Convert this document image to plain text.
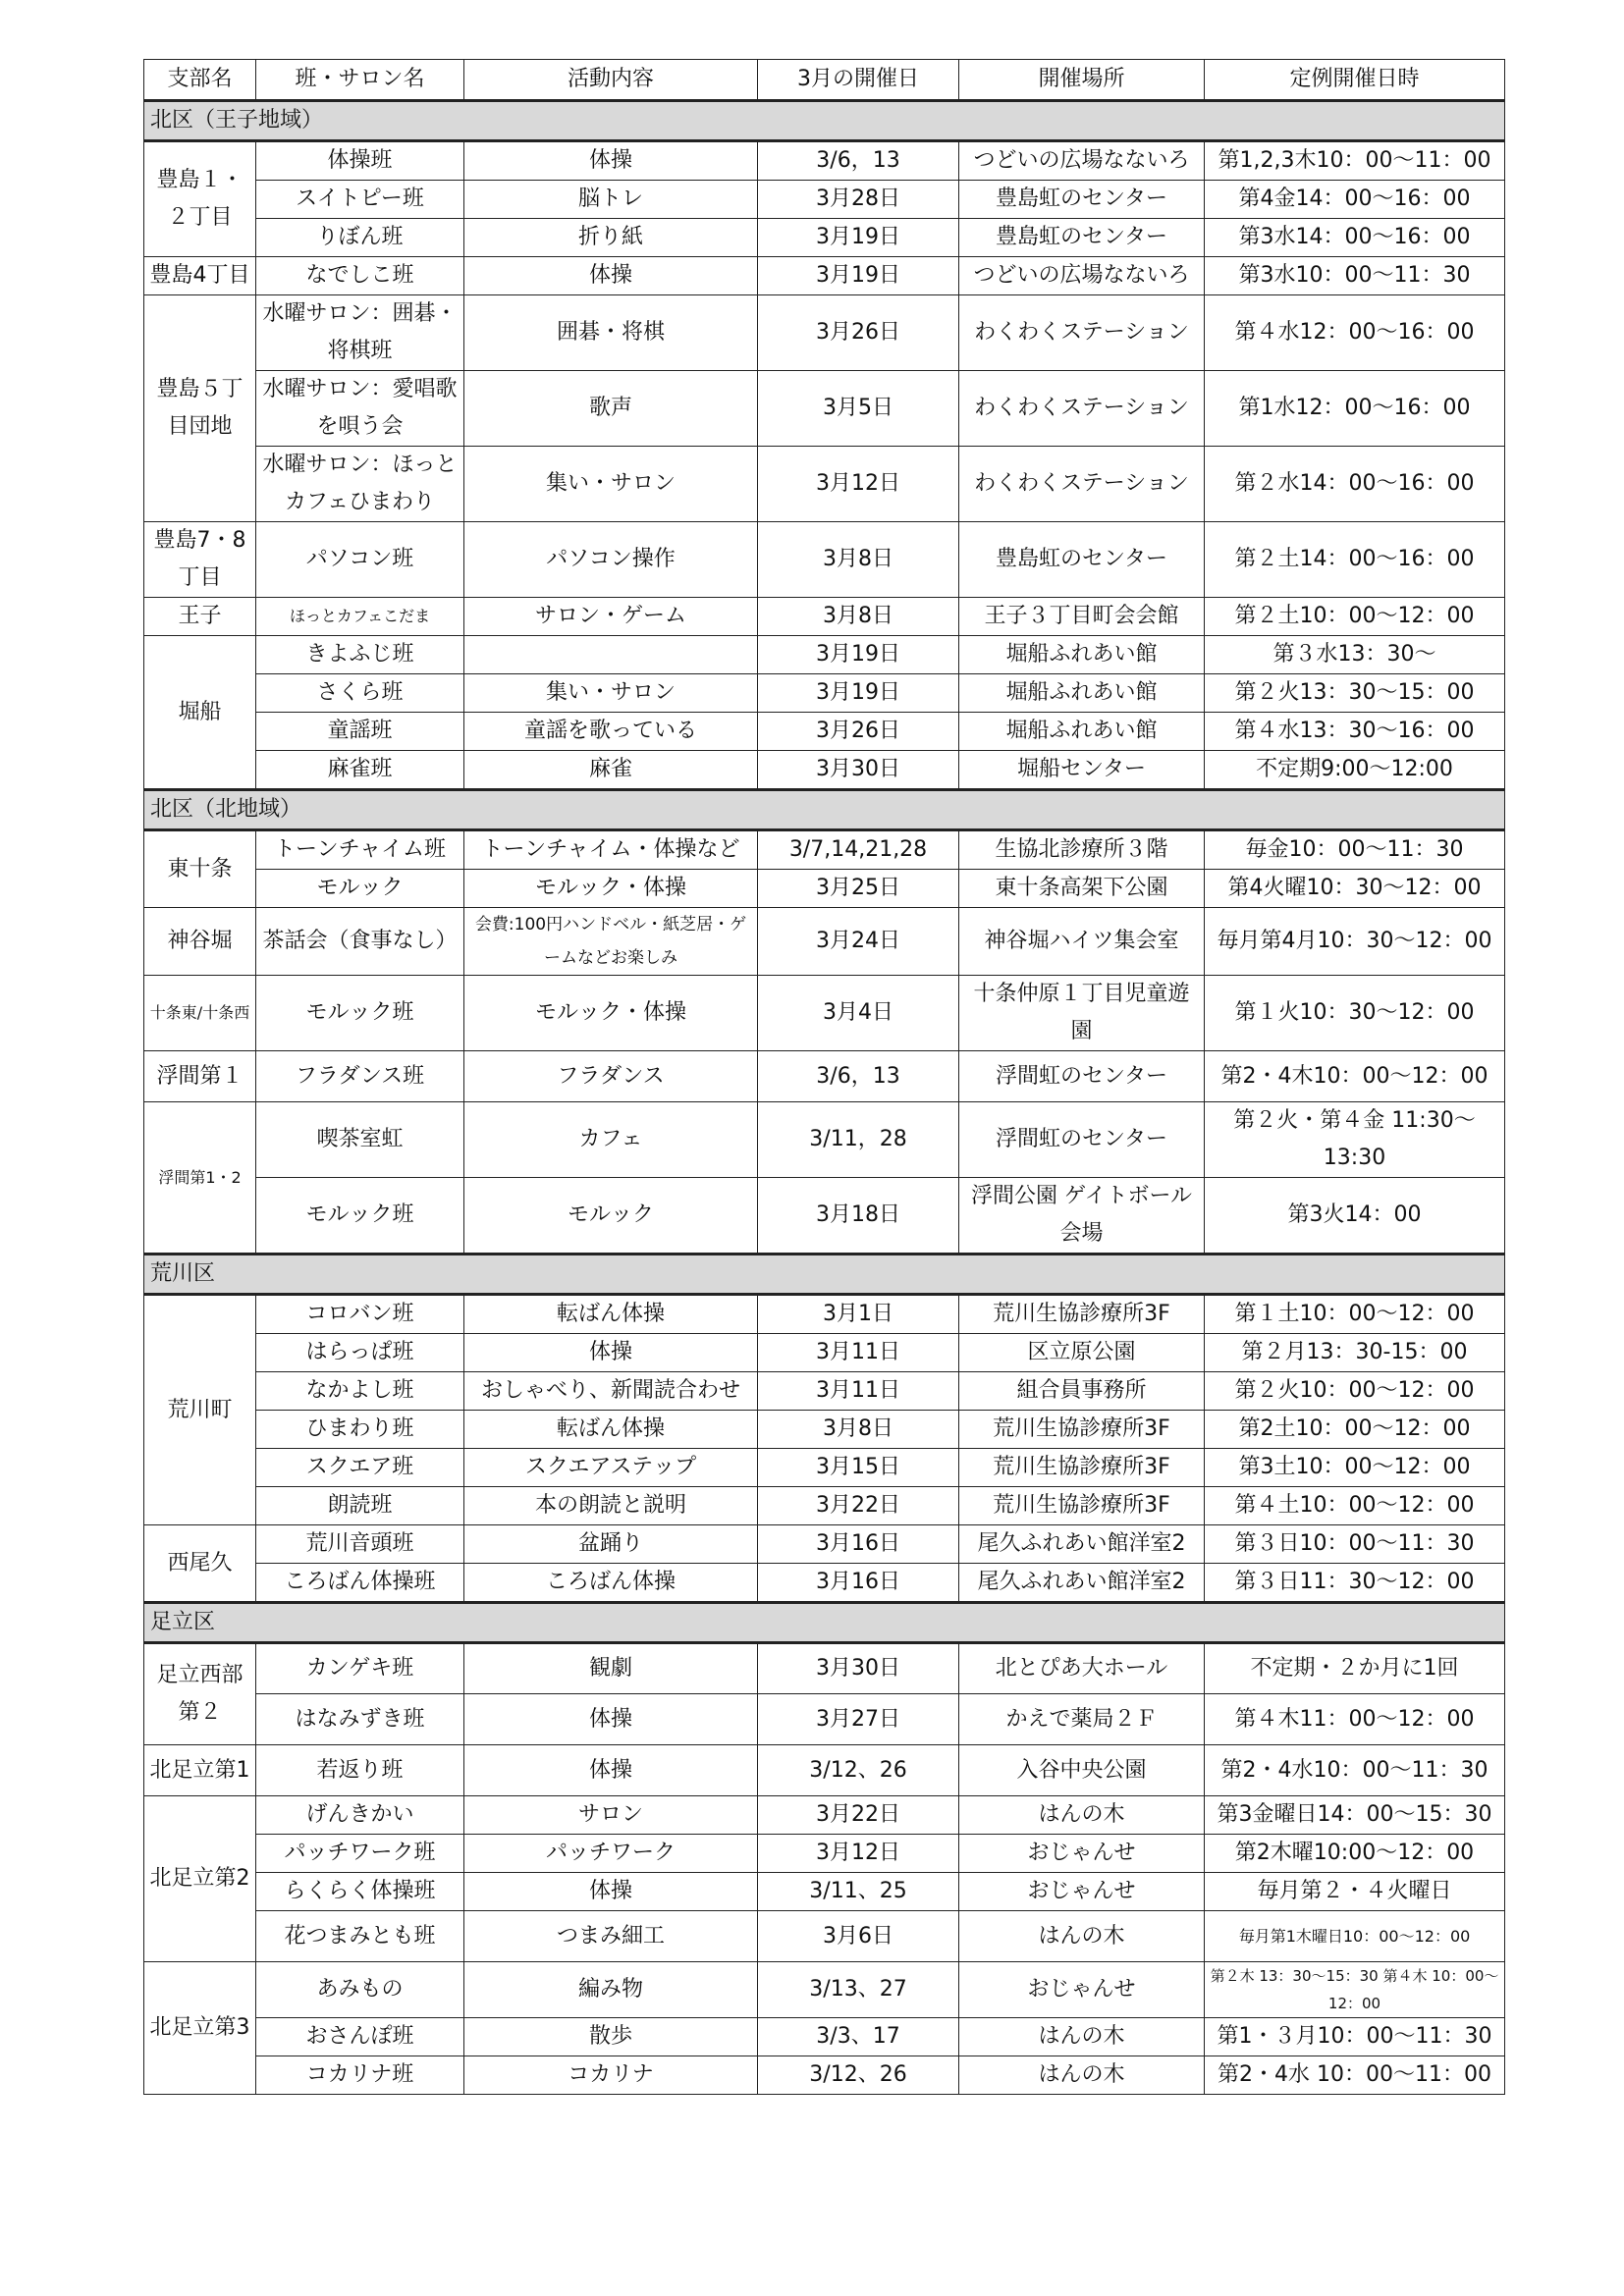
支部名	班・サロン名	活動内容	3月の開催日	開催場所	定例開催日時
北区（王子地域）					
豊島１・２丁目	体操班	体操	3/6，13	つどいの広場なないろ	第1,2,3木10：00〜11：00
	スイトピー班	脳トレ	3月28日	豊島虹のセンター	第4金14：00〜16：00
	りぼん班	折り紙	3月19日	豊島虹のセンター	第3水14：00〜16：00
豊島4丁目	なでしこ班	体操	3月19日	つどいの広場なないろ	第3水10：00〜11：30
豊島５丁目団地	水曜サロン：囲碁・将棋班	囲碁・将棋	3月26日	わくわくステーション	第４水12：00〜16：00
	水曜サロン：愛唱歌を唄う会	歌声	3月5日	わくわくステーション	第1水12：00〜16：00
	水曜サロン：ほっとカフェひまわり	集い・サロン	3月12日	わくわくステーション	第２水14：00〜16：00
豊島7・8丁目	パソコン班	パソコン操作	3月8日	豊島虹のセンター	第２土14：00〜16：00
王子	ほっとカフェこだま	サロン・ゲーム	3月8日	王子３丁目町会会館	第２土10：00〜12：00
堀船	きよふじ班		3月19日	堀船ふれあい館	第３水13：30〜
	さくら班	集い・サロン	3月19日	堀船ふれあい館	第２火13：30〜15：00
	童謡班	童謡を歌っている	3月26日	堀船ふれあい館	第４水13：30〜16：00
	麻雀班	麻雀	3月30日	堀船センター	不定期9:00〜12:00
北区（北地域）					
東十条	トーンチャイム班	トーンチャイム・体操など	3/7,14,21,28	生協北診療所３階	毎金10：00〜11：30
	モルック	モルック・体操	3月25日	東十条高架下公園	第4火曜10：30〜12：00
神谷堀	茶話会（食事なし）	会費:100円ハンドベル・紙芝居・ゲームなどお楽しみ	3月24日	神谷堀ハイツ集会室	毎月第4月10：30〜12：00
十条東/十条西	モルック班	モルック・体操	3月4日	十条仲原１丁目児童遊園	第１火10：30〜12：00
浮間第１	フラダンス班	フラダンス	3/6，13	浮間虹のセンター	第2・4木10：00〜12：00
浮間第1・2	喫茶室虹	カフェ	3/11，28	浮間虹のセンター	第２火・第４金 11:30〜13:30
	モルック班	モルック	3月18日	浮間公園 ゲイトボール会場	第3火14：00
荒川区					
荒川町	コロバン班	転ばん体操	3月1日	荒川生協診療所3F	第１土10：00〜12：00
	はらっぱ班	体操	3月11日	区立原公園	第２月13：30-15：00
	なかよし班	おしゃべり、新聞読合わせ	3月11日	組合員事務所	第２火10：00〜12：00
	ひまわり班	転ばん体操	3月8日	荒川生協診療所3F	第2土10：00〜12：00
	スクエア班	スクエアステップ	3月15日	荒川生協診療所3F	第3土10：00〜12：00
	朗読班	本の朗読と説明	3月22日	荒川生協診療所3F	第４土10：00〜12：00
西尾久	荒川音頭班	盆踊り	3月16日	尾久ふれあい館洋室2	第３日10：00〜11：30
	ころばん体操班	ころばん体操	3月16日	尾久ふれあい館洋室2	第３日11：30〜12：00
足立区					
足立西部第２	カンゲキ班	観劇	3月30日	北とぴあ大ホール	不定期・２か月に1回
	はなみずき班	体操	3月27日	かえで薬局２Ｆ	第４木11：00〜12：00
北足立第1	若返り班	体操	3/12、26	入谷中央公園	第2・4水10：00〜11：30
北足立第2	げんきかい	サロン	3月22日	はんの木	第3金曜日14：00〜15：30
	パッチワーク班	パッチワーク	3月12日	おじゃんせ	第2木曜10:00〜12：00
	らくらく体操班	体操	3/11、25	おじゃんせ	毎月第２・４火曜日
	花つまみとも班	つまみ細工	3月6日	はんの木	毎月第1木曜日10：00〜12：00
北足立第3	あみもの	編み物	3/13、27	おじゃんせ	第２木 13：30〜15：30 第４木 10：00〜12：00
	おさんぽ班	散歩	3/3、17	はんの木	第1・３月10：00〜11：30
	コカリナ班	コカリナ	3/12、26	はんの木	第2・4水 10：00〜11：00
